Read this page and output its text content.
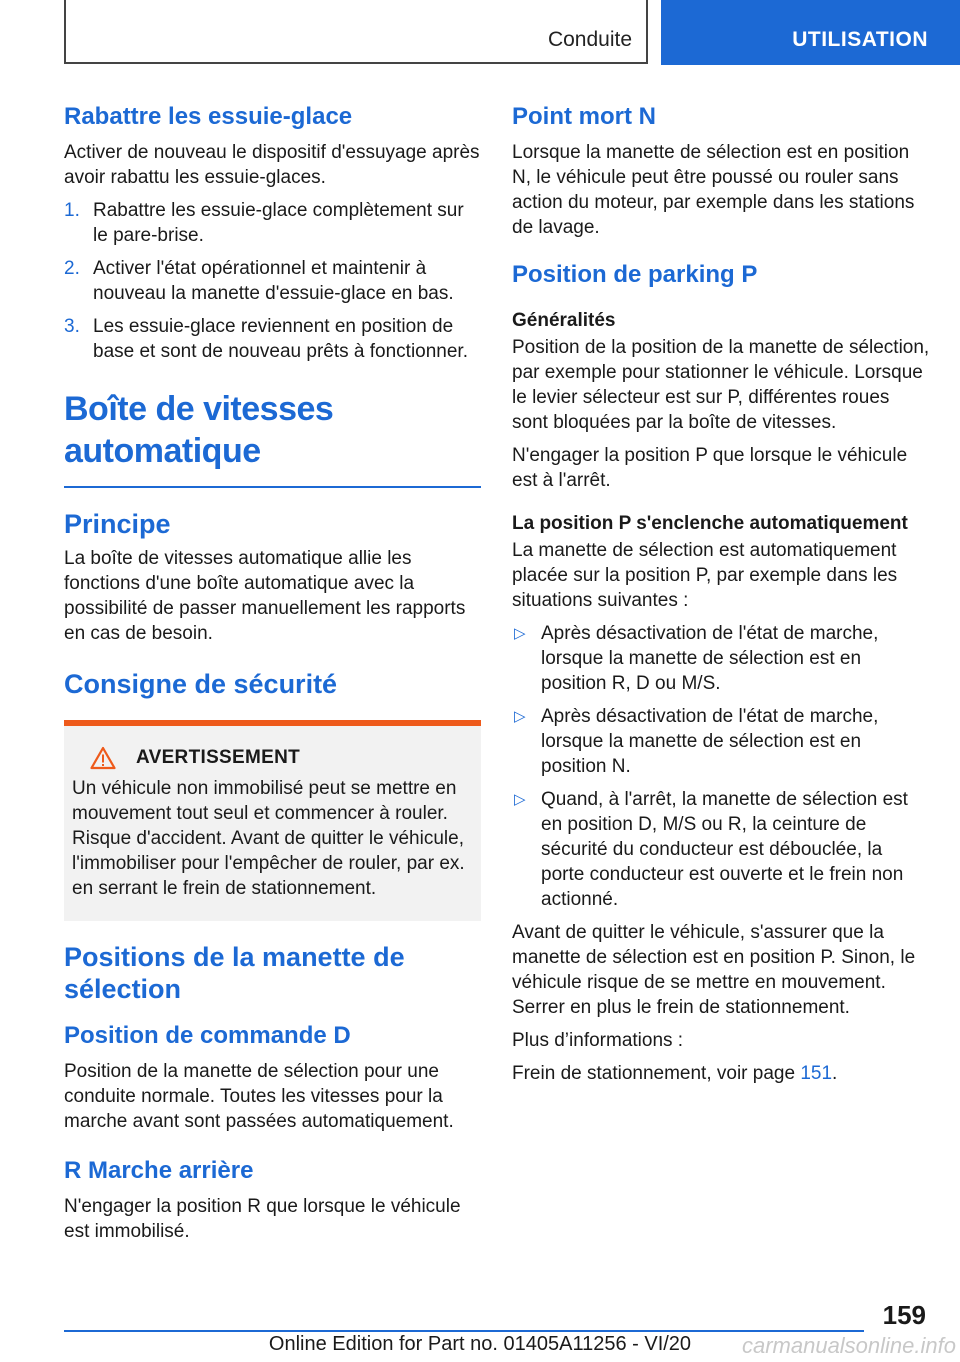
Conduite	UTILISATION
Rabattre les essuie-glace

Activer de nouveau le dispositif d'essuyage après avoir rabattu les essuie-glaces.

1. Rabattre les essuie-glace complètement sur le pare-brise.
2. Activer l'état opérationnel et maintenir à nouveau la manette d'essuie-glace en bas.
3. Les essuie-glace reviennent en position de base et sont de nouveau prêts à fonctionner.
Boîte de vitesses
automatique
Principe

La boîte de vitesses automatique allie les fonctions d'une boîte automatique avec la possibilité de passer manuellement les rapports en cas de besoin.

Consigne de sécurité
AVERTISSEMENT

Un véhicule non immobilisé peut se mettre en mouvement tout seul et commencer à rouler. Risque d'accident. Avant de quitter le véhicule, l'immobiliser pour l'empêcher de rouler, par ex. en serrant le frein de stationnement.

Positions de la manette de sélection
Position de commande D

Position de la manette de sélection pour une conduite normale. Toutes les vitesses pour la marche avant sont passées automatiquement.

R Marche arrière

N'engager la position R que lorsque le véhicule est immobilisé.

Point mort N

Lorsque la manette de sélection est en position N, le véhicule peut être poussé ou rouler sans action du moteur, par exemple dans les stations de lavage.

Position de parking P
Généralités

Position de la position de la manette de sélection, par exemple pour stationner le véhicule. Lorsque le levier sélecteur est sur P, différentes roues sont bloquées par la boîte de vitesses.

N'engager la position P que lorsque le véhicule est à l'arrêt.

La position P s'enclenche automatiquement

La manette de sélection est automatiquement placée sur la position P, par exemple dans les situations suivantes :

▷ Après désactivation de l'état de marche, lorsque la manette de sélection est en position R, D ou M/S.
▷ Après désactivation de l'état de marche, lorsque la manette de sélection est en position N.
▷ Quand, à l'arrêt, la manette de sélection est en position D, M/S ou R, la ceinture de sécurité du conducteur est débouclée, la porte conducteur est ouverte et le frein non actionné.

Avant de quitter le véhicule, s'assurer que la manette de sélection est en position P. Sinon, le véhicule risque de se mettre en mouvement. Serrer en plus le frein de stationnement.

Plus d’informations :

Frein de stationnement, voir page 151.

159
Online Edition for Part no. 01405A11256 - VI/20	carmanualsonline.info
